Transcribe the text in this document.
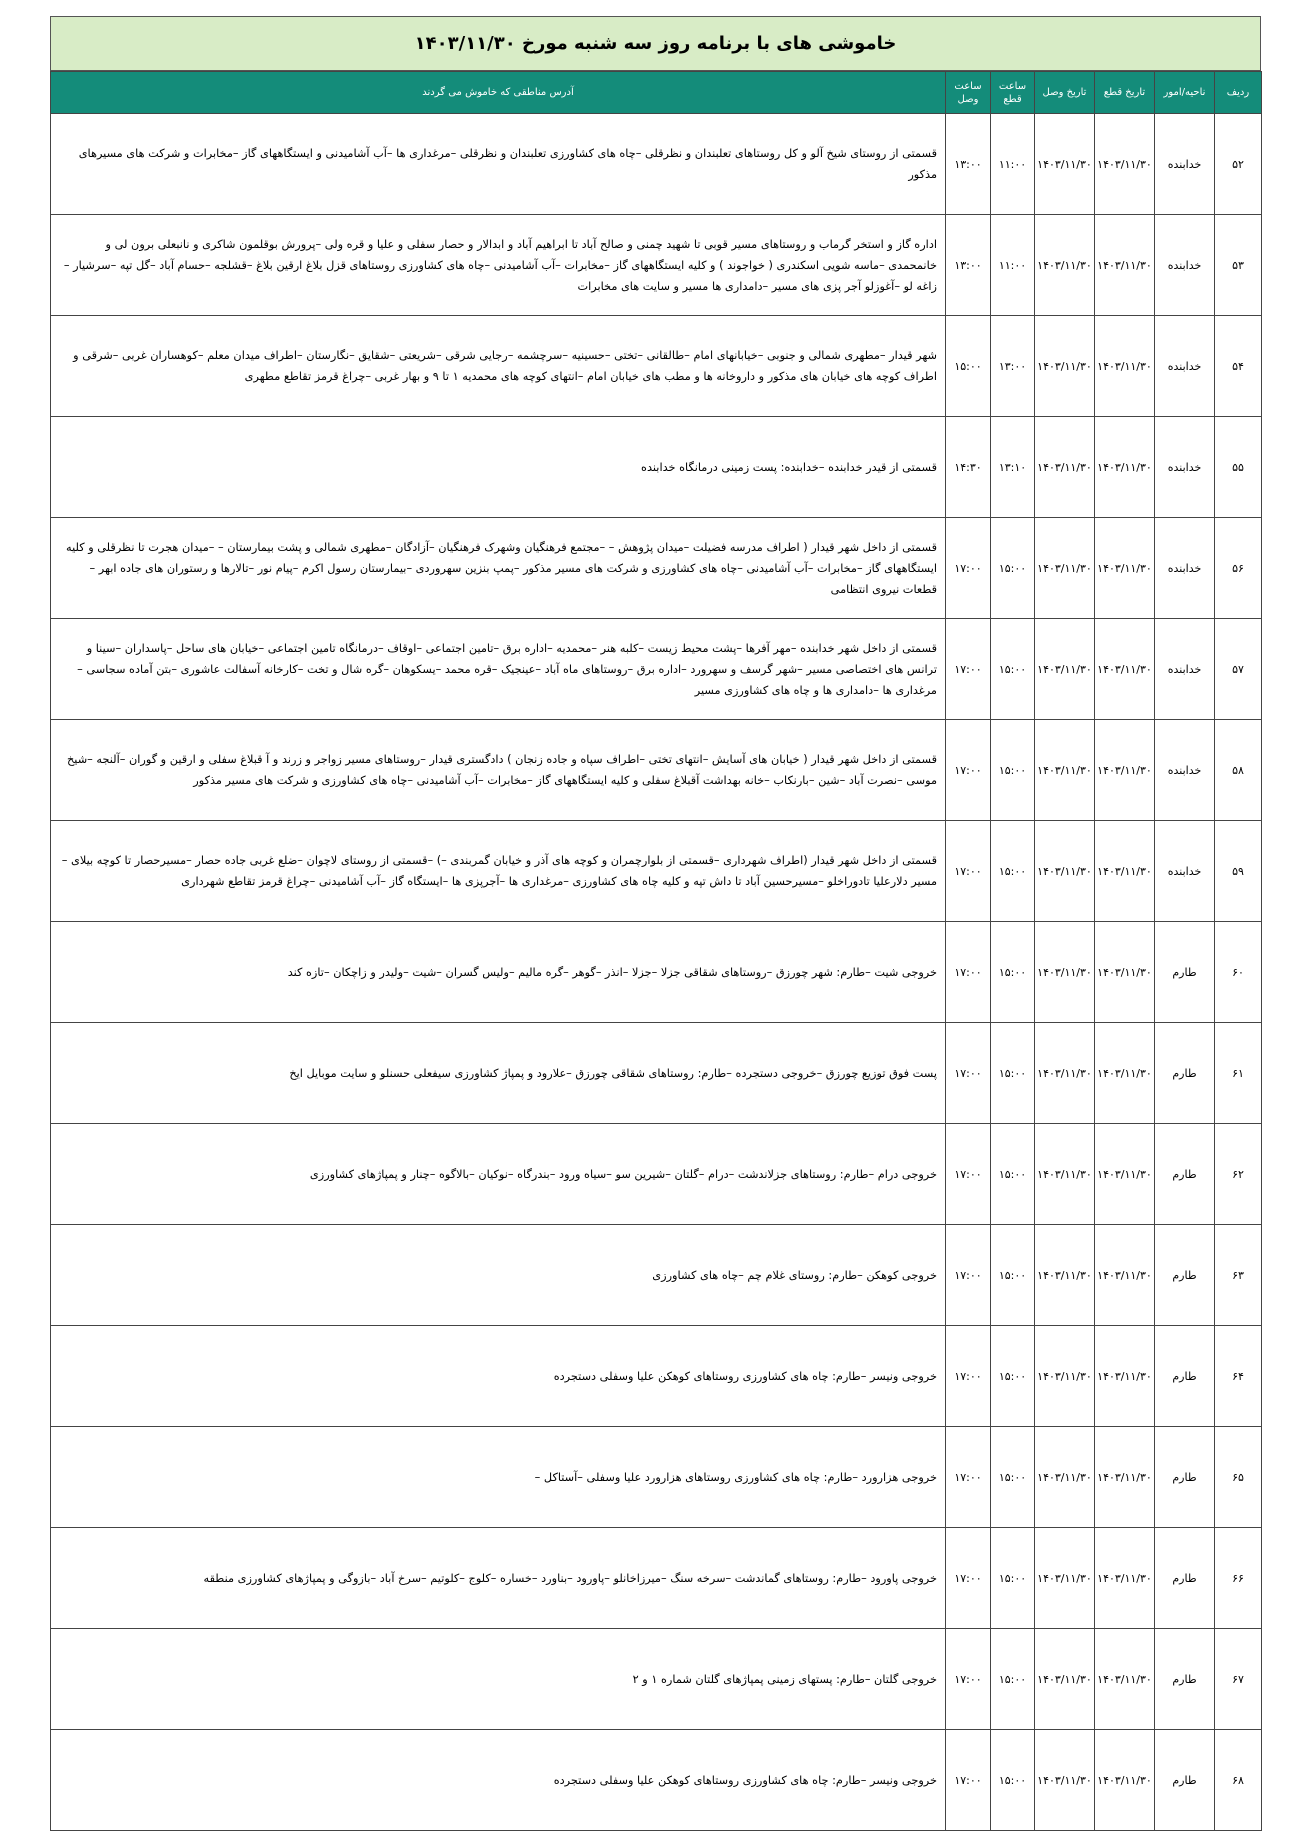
خاموشی های با برنامه روز سه شنبه مورخ ۱۴۰۳/۱۱/۳۰
ردیف	ناحیه/امور	تاریخ قطع	تاریخ وصل	ساعت قطع	ساعت وصل	آدرس مناطقی که خاموش می گردند
۵۲	خدابنده	۱۴۰۳/۱۱/۳۰	۱۴۰۳/۱۱/۳۰	۱۱:۰۰	۱۳:۰۰	قسمتی از روستای شیخ آلو و کل روستاهای تعلبندان و نظرقلی –چاه های کشاورزی تعلبندان و نظرقلی –مرغداری ها –آب آشامیدنی و ایستگاههای گاز –مخابرات و شرکت های مسیرهای مذکور
۵۳	خدابنده	۱۴۰۳/۱۱/۳۰	۱۴۰۳/۱۱/۳۰	۱۱:۰۰	۱۳:۰۰	اداره گاز و استخر گرماب و روستاهای مسیر قوبی تا شهید چمنی و صالح آباد تا ابراهیم آباد و ابدالار و حصار سفلی و علیا و قره ولی –پرورش بوقلمون شاکری و نانبعلی برون لی و خانمحمدی –ماسه شویی اسکندری ( خواجوند ) و کلیه ایستگاههای گاز –مخابرات –آب آشامیدنی –چاه های کشاورزی روستاهای قزل بلاغ ارقین بلاغ –قشلجه –حسام آباد –گل تپه –سرشیار –زاغه لو –آغوزلو آجر پزی های مسیر –دامداری ها مسیر و سایت های مخابرات
۵۴	خدابنده	۱۴۰۳/۱۱/۳۰	۱۴۰۳/۱۱/۳۰	۱۳:۰۰	۱۵:۰۰	شهر قیدار –مطهری شمالی و جنوبی –خیابانهای امام –طالقانی –تختی –حسینیه –سرچشمه –رجایی شرقی –شریعتی –شقایق –نگارستان –اطراف میدان معلم –کوهساران غربی –شرقی و اطراف کوچه های خیابان های مذکور و داروخانه ها و مطب های خیابان امام –انتهای کوچه های محمدیه ۱ تا ۹ و بهار غربی –چراغ قرمز تقاطع مطهری
۵۵	خدابنده	۱۴۰۳/۱۱/۳۰	۱۴۰۳/۱۱/۳۰	۱۳:۱۰	۱۴:۳۰	قسمتی از قیدر خدابنده –خدابنده: پست زمینی درمانگاه خدابنده
۵۶	خدابنده	۱۴۰۳/۱۱/۳۰	۱۴۰۳/۱۱/۳۰	۱۵:۰۰	۱۷:۰۰	قسمتی از داخل شهر قیدار ( اطراف مدرسه فضیلت –میدان پژوهش – –مجتمع فرهنگیان وشهرک فرهنگیان –آزادگان –مطهری شمالی و پشت بیمارستان – –میدان هجرت تا نظرقلی و کلیه ایستگاههای گاز –مخابرات –آب آشامیدنی –چاه های کشاورزی و شرکت های مسیر مذکور –پمپ بنزین سهروردی –بیمارستان رسول اکرم –پیام نور –تالارها و رستوران های جاده ابهر –قطعات نیروی انتظامی
۵۷	خدابنده	۱۴۰۳/۱۱/۳۰	۱۴۰۳/۱۱/۳۰	۱۵:۰۰	۱۷:۰۰	قسمتی از داخل شهر خدابنده –مهر آفرها –پشت محیط زیست –کلبه هنر –محمدیه –اداره برق –تامین اجتماعی –اوقاف –درمانگاه تامین اجتماعی –خیابان های ساحل –پاسداران –سینا و ترانس های اختصاصی مسیر –شهر گرسف و سهرورد –اداره برق –روستاهای ماه آباد –عینجیک –قره محمد –یسکوهان –گره شال و تخت –کارخانه آسفالت عاشوری –بتن آماده سجاسی –مرغداری ها –دامداری ها و چاه های کشاورزی مسیر
۵۸	خدابنده	۱۴۰۳/۱۱/۳۰	۱۴۰۳/۱۱/۳۰	۱۵:۰۰	۱۷:۰۰	قسمتی از داخل شهر قیدار ( خیابان های آسایش –انتهای تختی –اطراف سپاه و جاده زنجان ) دادگستری قیدار –روستاهای مسیر زواجر و زرند و آ قبلاغ سفلی و ارقین و گوران –آلنجه –شیخ موسی –نصرت آباد –شین –بارنکاب –خانه بهداشت آقبلاغ سفلی و کلیه ایستگاههای گاز –مخابرات –آب آشامیدنی –چاه های کشاورزی و شرکت های مسیر مذکور
۵۹	خدابنده	۱۴۰۳/۱۱/۳۰	۱۴۰۳/۱۱/۳۰	۱۵:۰۰	۱۷:۰۰	قسمتی از داخل شهر قیدار (اطراف شهرداری –قسمتی از بلوارچمران و کوچه های آذر و خیابان گمربندی –) –قسمتی از روستای لاچوان –ضلع غربی جاده حصار –مسیرحصار تا کوچه بیلای –مسیر دلارعلیا تادوراخلو –مسیرحسین آباد تا داش تپه و کلیه چاه های کشاورزی –مرغداری ها –آجرپزی ها –ایستگاه گاز –آب آشامیدنی –چراغ قرمز تقاطع شهرداری
۶۰	طارم	۱۴۰۳/۱۱/۳۰	۱۴۰۳/۱۱/۳۰	۱۵:۰۰	۱۷:۰۰	خروجی شیت –طارم: شهر چورزق –روستاهای شقاقی جزلا –جزلا –انذر –گوهر –گره مالیم –ولیس گسران –شیت –ولیدر و زاچکان –تازه کند
۶۱	طارم	۱۴۰۳/۱۱/۳۰	۱۴۰۳/۱۱/۳۰	۱۵:۰۰	۱۷:۰۰	پست فوق توزیع چورزق –خروجی دستجرده –طارم: روستاهای شقاقی چورزق –علارود و پمپاژ کشاورزی سیفعلی حسنلو و سایت موبایل ایخ
۶۲	طارم	۱۴۰۳/۱۱/۳۰	۱۴۰۳/۱۱/۳۰	۱۵:۰۰	۱۷:۰۰	خروجی درام –طارم: روستاهای جزلاندشت –درام –گلتان –شیرین سو –سیاه ورود –بندرگاه –نوکیان –بالاگوه –چنار و پمپاژهای کشاورزی
۶۳	طارم	۱۴۰۳/۱۱/۳۰	۱۴۰۳/۱۱/۳۰	۱۵:۰۰	۱۷:۰۰	خروجی کوهکن –طارم: روستای غلام چم –چاه های کشاورزی
۶۴	طارم	۱۴۰۳/۱۱/۳۰	۱۴۰۳/۱۱/۳۰	۱۵:۰۰	۱۷:۰۰	خروجی ونیسر –طارم: چاه های کشاورزی روستاهای کوهکن علیا وسفلی دستجرده
۶۵	طارم	۱۴۰۳/۱۱/۳۰	۱۴۰۳/۱۱/۳۰	۱۵:۰۰	۱۷:۰۰	خروجی هزارورد –طارم: چاه های کشاورزی روستاهای هزارورد علیا وسفلی –آستاکل –
۶۶	طارم	۱۴۰۳/۱۱/۳۰	۱۴۰۳/۱۱/۳۰	۱۵:۰۰	۱۷:۰۰	خروجی پاورود –طارم: روستاهای گماندشت –سرخه سنگ –میرزاخانلو –پاورود –بناورد –خساره –کلوج –کلوتیم –سرخ آباد –بازوگی و پمپاژهای کشاورزی منطقه
۶۷	طارم	۱۴۰۳/۱۱/۳۰	۱۴۰۳/۱۱/۳۰	۱۵:۰۰	۱۷:۰۰	خروجی گلتان –طارم: پستهای زمینی پمپاژهای گلتان شماره ۱ و ۲
۶۸	طارم	۱۴۰۳/۱۱/۳۰	۱۴۰۳/۱۱/۳۰	۱۵:۰۰	۱۷:۰۰	خروجی ونیسر –طارم: چاه های کشاورزی روستاهای کوهکن علیا وسفلی دستجرده
